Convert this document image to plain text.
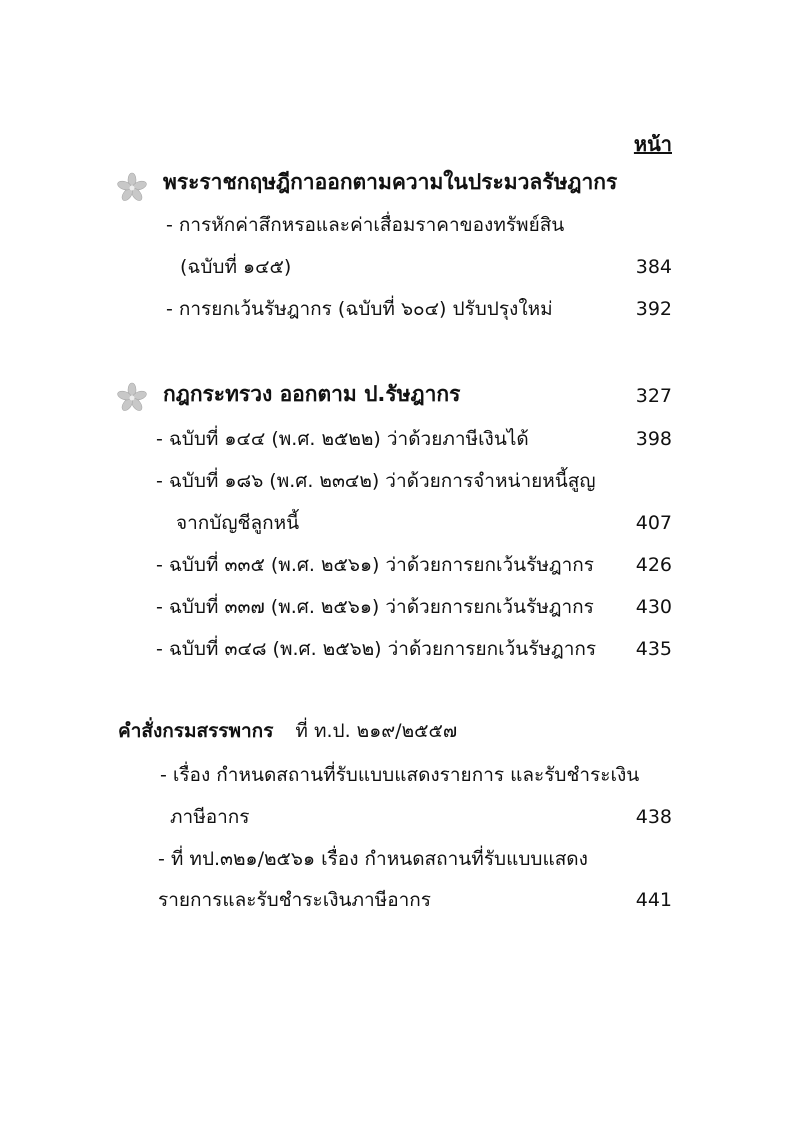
หน้า
พระราชกฤษฎีกาออกตามความในประมวลรัษฎากร
- การหักค่าสึกหรอและค่าเสื่อมราคาของทรัพย์สิน
(ฉบับที่ ๑๔๕)	384
- การยกเว้นรัษฎากร (ฉบับที่ ๖๐๔) ปรับปรุงใหม่	392
กฎกระทรวง ออกตาม ป.รัษฎากร	327
- ฉบับที่ ๑๔๔ (พ.ศ. ๒๕๒๒) ว่าด้วยภาษีเงินได้	398
- ฉบับที่ ๑๘๖ (พ.ศ. ๒๓๔๒) ว่าด้วยการจำหน่ายหนี้สูญ
จากบัญชีลูกหนี้	407
- ฉบับที่ ๓๓๕ (พ.ศ. ๒๕๖๑) ว่าด้วยการยกเว้นรัษฎากร 426
- ฉบับที่ ๓๓๗ (พ.ศ. ๒๕๖๑) ว่าด้วยการยกเว้นรัษฎากร 430
- ฉบับที่ ๓๔๘ (พ.ศ. ๒๕๖๒) ว่าด้วยการยกเว้นรัษฎากร 435
คำสั่งกรมสรรพากร ที่ ท.ป. ๒๑๙/๒๕๕๗
- เรื่อง กำหนดสถานที่รับแบบแสดงรายการ และรับชำระเงิน
ภาษีอากร	438
- ที่ ทป.๓๒๑/๒๕๖๑ เรื่อง กำหนดสถานที่รับแบบแสดง
รายการและรับชำระเงินภาษีอากร	441
